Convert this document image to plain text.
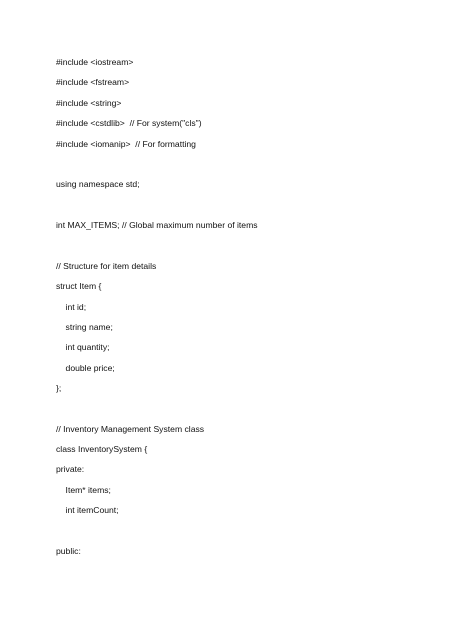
#include <iostream>
#include <fstream>
#include <string>
#include <cstdlib>  // For system("cls")
#include <iomanip>  // For formatting
using namespace std;
int MAX_ITEMS; // Global maximum number of items
// Structure for item details
struct Item {
int id;
string name;
int quantity;
double price;
};
// Inventory Management System class
class InventorySystem {
private:
Item* items;
int itemCount;
public:
